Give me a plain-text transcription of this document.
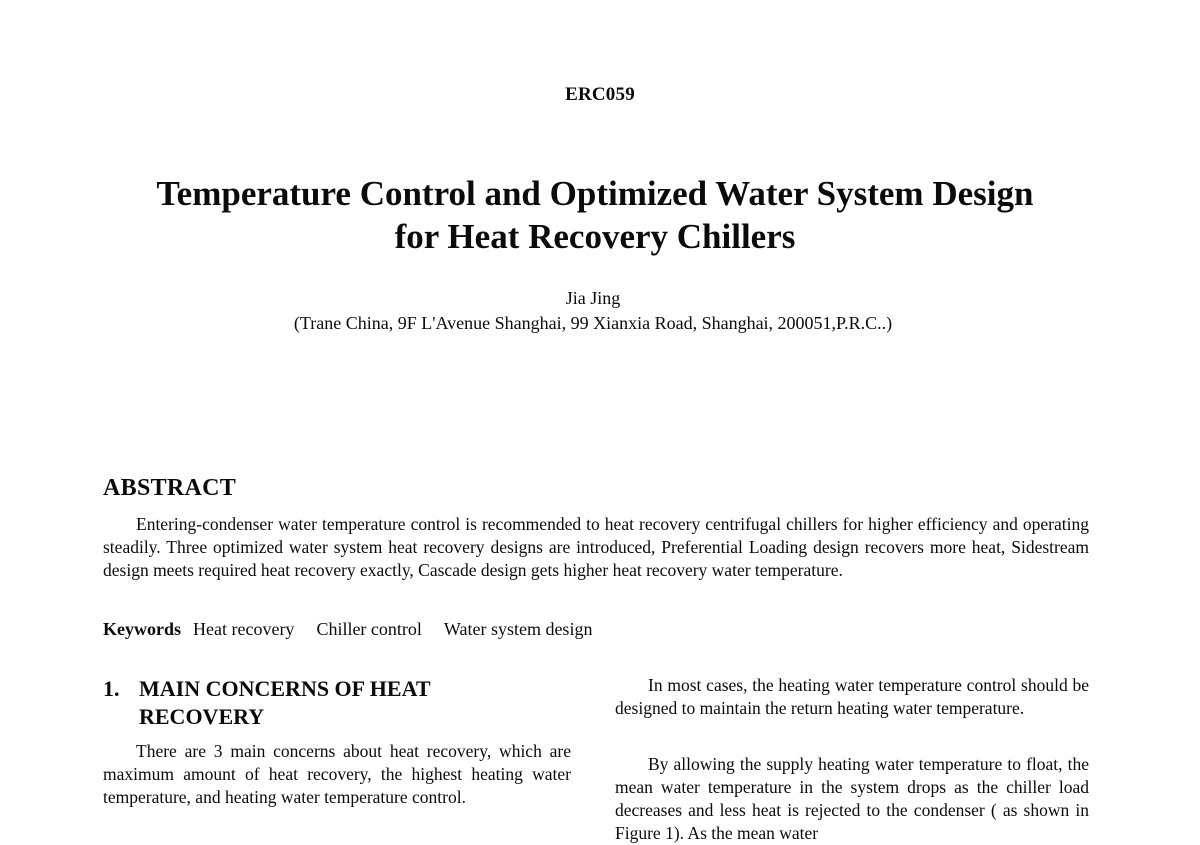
ERC059
Temperature Control and Optimized Water System Design
for Heat Recovery Chillers
Jia Jing
(Trane China, 9F L'Avenue Shanghai, 99 Xianxia Road, Shanghai, 200051,P.R.C..)
ABSTRACT

Entering-condenser water temperature control is recommended to heat recovery centrifugal chillers for higher efficiency and operating steadily. Three optimized water system heat recovery designs are introduced, Preferential Loading design recovers more heat, Sidestream design meets required heat recovery exactly, Cascade design gets higher heat recovery water temperature.

Keywords Heat recovery Chiller control Water system design
1. MAIN CONCERNS OF HEAT RECOVERY

There are 3 main concerns about heat recovery, which are maximum amount of heat recovery, the highest heating water temperature, and heating water temperature control.

In most cases, the heating water temperature control should be designed to maintain the return heating water temperature.

By allowing the supply heating water temperature to float, the mean water temperature in the system drops as the chiller load decreases and less heat is rejected to the condenser ( as shown in Figure 1). As the mean water
